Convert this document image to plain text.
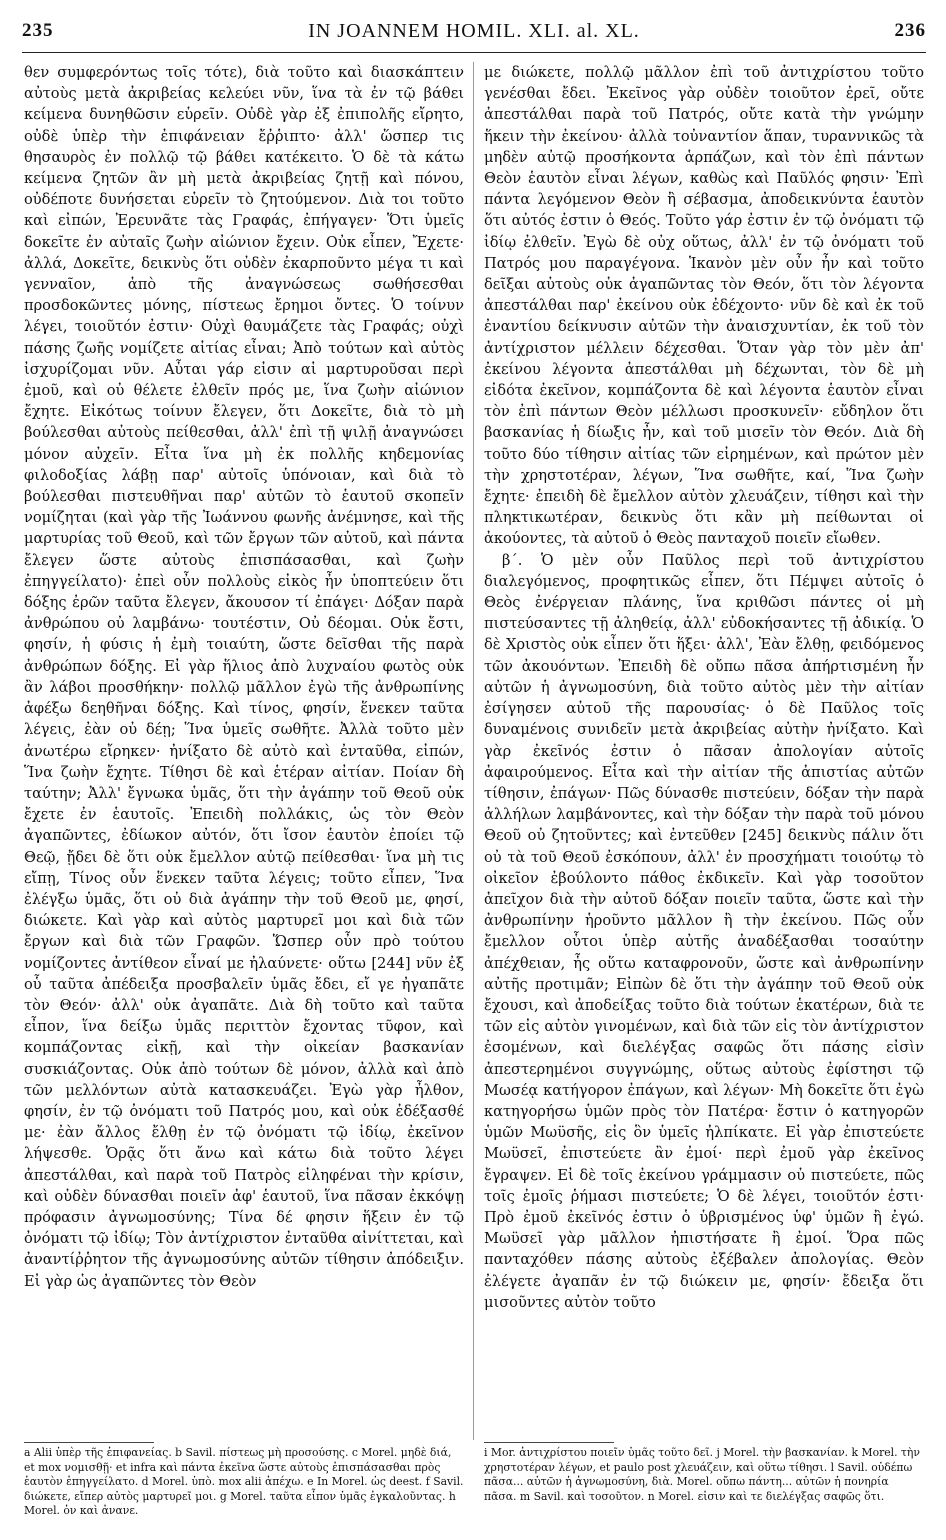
235	IN JOANNEM HOMIL. XLI. al. XL.	236

θεν συμφερόντως τοῖς τότε), διὰ τοῦτο καὶ διασκάπτειν αὐτοὺς μετὰ ἀκριβείας κελεύει νῦν, ἵνα τὰ ἐν τῷ βάθει κείμενα δυνηθῶσιν εὑρεῖν. Οὐδὲ γὰρ ἐξ ἐπιπολῆς εἴρητο, οὐδὲ ὑπὲρ τὴν ἐπιφάνειαν ἔῤῥιπτο· ἀλλ' ὥσπερ τις θησαυρὸς ἐν πολλῷ τῷ βάθει κατέκειτο. Ὁ δὲ τὰ κάτω κείμενα ζητῶν ἂν μὴ μετὰ ἀκριβείας ζητῇ καὶ πόνου, οὐδέποτε δυνήσεται εὑρεῖν τὸ ζητούμενον. Διὰ τοι τοῦτο καὶ εἰπών, Ἐρευνᾶτε τὰς Γραφάς, ἐπήγαγεν· Ὅτι ὑμεῖς δοκεῖτε ἐν αὐταῖς ζωὴν αἰώνιον ἔχειν. Οὐκ εἶπεν, Ἔχετε· ἀλλά, Δοκεῖτε, δεικνὺς ὅτι οὐδὲν ἐκαρποῦντο μέγα τι καὶ γενναῖον, ἀπὸ τῆς ἀναγνώσεως σωθήσεσθαι προσδοκῶντες μόνης, πίστεως ἔρημοι ὄντες. Ὁ τοίνυν λέγει, τοιοῦτόν ἐστιν· Οὐχὶ θαυμάζετε τὰς Γραφάς; οὐχὶ πάσης ζωῆς νομίζετε αἰτίας εἶναι; Ἀπὸ τούτων καὶ αὐτὸς ἰσχυρίζομαι νῦν. Αὗται γάρ εἰσιν αἱ μαρτυροῦσαι περὶ ἐμοῦ, καὶ οὐ θέλετε ἐλθεῖν πρός με, ἵνα ζωὴν αἰώνιον ἔχητε. Εἰκότως τοίνυν ἔλεγεν, ὅτι Δοκεῖτε, διὰ τὸ μὴ βούλεσθαι αὐτοὺς πείθεσθαι, ἀλλ' ἐπὶ τῇ ψιλῇ ἀναγνώσει μόνον αὐχεῖν. Εἶτα ἵνα μὴ ἐκ πολλῆς κηδεμονίας φιλοδοξίας λάβῃ παρ' αὐτοῖς ὑπόνοιαν, καὶ διὰ τὸ βούλεσθαι πιστευθῆναι παρ' αὐτῶν τὸ ἑαυτοῦ σκοπεῖν νομίζηται (καὶ γὰρ τῆς Ἰωάννου φωνῆς ἀνέμνησε, καὶ τῆς μαρτυρίας τοῦ Θεοῦ, καὶ τῶν ἔργων τῶν αὐτοῦ, καὶ πάντα ἔλεγεν ὥστε αὐτοὺς ἐπισπάσασθαι, καὶ ζωὴν ἐπηγγείλατο)· ἐπεὶ οὖν πολλοὺς εἰκὸς ἦν ὑποπτεύειν ὅτι δόξης ἐρῶν ταῦτα ἔλεγεν, ἄκουσον τί ἐπάγει· Δόξαν παρὰ ἀνθρώπου οὐ λαμβάνω· τουτέστιν, Οὐ δέομαι. Οὐκ ἔστι, φησίν, ἡ φύσις ἡ ἐμὴ τοιαύτη, ὥστε δεῖσθαι τῆς παρὰ ἀνθρώπων δόξης. Εἰ γὰρ ἥλιος ἀπὸ λυχναίου φωτὸς οὐκ ἂν λάβοι προσθήκην· πολλῷ μᾶλλον ἐγὼ τῆς ἀνθρωπίνης ἀφέξω δεηθῆναι δόξης. Καὶ τίνος, φησίν, ἕνεκεν ταῦτα λέγεις, ἐὰν οὐ δέῃ; Ἵνα ὑμεῖς σωθῆτε. Ἀλλὰ τοῦτο μὲν ἀνωτέρω εἴρηκεν· ἠνίξατο δὲ αὐτὸ καὶ ἐνταῦθα, εἰπών, Ἵνα ζωὴν ἔχητε. Τίθησι δὲ καὶ ἑτέραν αἰτίαν. Ποίαν δὴ ταύτην; Ἀλλ' ἔγνωκα ὑμᾶς, ὅτι τὴν ἀγάπην τοῦ Θεοῦ οὐκ ἔχετε ἐν ἑαυτοῖς. Ἐπειδὴ πολλάκις, ὡς τὸν Θεὸν ἀγαπῶντες, ἐδίωκον αὐτόν, ὅτι ἴσον ἑαυτὸν ἐποίει τῷ Θεῷ, ᾔδει δὲ ὅτι οὐκ ἔμελλον αὐτῷ πείθεσθαι· ἵνα μὴ τις εἴπῃ, Τίνος οὖν ἕνεκεν ταῦτα λέγεις; τοῦτο εἶπεν, Ἵνα ἐλέγξω ὑμᾶς, ὅτι οὐ διὰ ἀγάπην τὴν τοῦ Θεοῦ με, φησί, διώκετε. Καὶ γὰρ καὶ αὐτὸς μαρτυρεῖ μοι καὶ διὰ τῶν ἔργων καὶ διὰ τῶν Γραφῶν. Ὥσπερ οὖν πρὸ τούτου νομίζοντες ἀντίθεον εἶναί με ἠλαύνετε· οὕτω [244] νῦν ἐξ οὗ ταῦτα ἀπέδειξα προσβαλεῖν ὑμᾶς ἔδει, εἴ γε ἠγαπᾶτε τὸν Θεόν· ἀλλ' οὐκ ἀγαπᾶτε. Διὰ δὴ τοῦτο καὶ ταῦτα εἶπον, ἵνα δείξω ὑμᾶς περιττὸν ἔχοντας τῦφον, καὶ κομπάζοντας εἰκῇ, καὶ τὴν οἰκείαν βασκανίαν συσκιάζοντας. Οὐκ ἀπὸ τούτων δὲ μόνον, ἀλλὰ καὶ ἀπὸ τῶν μελλόντων αὐτὰ κατασκευάζει. Ἐγὼ γὰρ ἦλθον, φησίν, ἐν τῷ ὀνόματι τοῦ Πατρός μου, καὶ οὐκ ἐδέξασθέ με· ἐὰν ἄλλος ἔλθῃ ἐν τῷ ὀνόματι τῷ ἰδίῳ, ἐκεῖνον λήψεσθε. Ὁρᾷς ὅτι ἄνω καὶ κάτω διὰ τοῦτο λέγει ἀπεστάλθαι, καὶ παρὰ τοῦ Πατρὸς εἰληφέναι τὴν κρίσιν, καὶ οὐδὲν δύνασθαι ποιεῖν ἀφ' ἑαυτοῦ, ἵνα πᾶσαν ἐκκόψῃ πρόφασιν ἀγνωμοσύνης; Τίνα δέ φησιν ἥξειν ἐν τῷ ὀνόματι τῷ ἰδίῳ; Τὸν ἀντίχριστον ἐνταῦθα αἰνίττεται, καὶ ἀναντίῤῥητον τῆς ἀγνωμοσύνης αὐτῶν τίθησιν ἀπόδειξιν. Εἰ γὰρ ὡς ἀγαπῶντες τὸν Θεὸν

με διώκετε, πολλῷ μᾶλλον ἐπὶ τοῦ ἀντιχρίστου τοῦτο γενέσθαι ἔδει. Ἐκεῖνος γὰρ οὐδὲν τοιοῦτον ἐρεῖ, οὔτε ἀπεστάλθαι παρὰ τοῦ Πατρός, οὔτε κατὰ τὴν γνώμην ἥκειν τὴν ἐκείνου· ἀλλὰ τοὐναντίον ἅπαν, τυραννικῶς τὰ μηδὲν αὐτῷ προσήκοντα ἁρπάζων, καὶ τὸν ἐπὶ πάντων Θεὸν ἑαυτὸν εἶναι λέγων, καθὼς καὶ Παῦλός φησιν· Ἐπὶ πάντα λεγόμενον Θεὸν ἢ σέβασμα, ἀποδεικνύντα ἑαυτὸν ὅτι αὐτός ἐστιν ὁ Θεός. Τοῦτο γάρ ἐστιν ἐν τῷ ὀνόματι τῷ ἰδίῳ ἐλθεῖν. Ἐγὼ δὲ οὐχ οὕτως, ἀλλ' ἐν τῷ ὀνόματι τοῦ Πατρός μου παραγέγονα. Ἱκανὸν μὲν οὖν ἦν καὶ τοῦτο δεῖξαι αὐτοὺς οὐκ ἀγαπῶντας τὸν Θεόν, ὅτι τὸν λέγοντα ἀπεστάλθαι παρ' ἐκείνου οὐκ ἐδέχοντο· νῦν δὲ καὶ ἐκ τοῦ ἐναντίου δείκνυσιν αὐτῶν τὴν ἀναισχυντίαν, ἐκ τοῦ τὸν ἀντίχριστον μέλλειν δέχεσθαι. Ὅταν γὰρ τὸν μὲν ἀπ' ἐκείνου λέγοντα ἀπεστάλθαι μὴ δέχωνται, τὸν δὲ μὴ εἰδότα ἐκεῖνον, κομπάζοντα δὲ καὶ λέγοντα ἑαυτὸν εἶναι τὸν ἐπὶ πάντων Θεὸν μέλλωσι προσκυνεῖν· εὔδηλον ὅτι βασκανίας ἡ δίωξις ἦν, καὶ τοῦ μισεῖν τὸν Θεόν. Διὰ δὴ τοῦτο δύο τίθησιν αἰτίας τῶν εἰρημένων, καὶ πρώτον μὲν τὴν χρηστοτέραν, λέγων, Ἵνα σωθῆτε, καί, Ἵνα ζωὴν ἔχητε· ἐπειδὴ δὲ ἔμελλον αὐτὸν χλευάζειν, τίθησι καὶ τὴν πληκτικωτέραν, δεικνὺς ὅτι κἂν μὴ πείθωνται οἱ ἀκούοντες, τὰ αὐτοῦ ὁ Θεὸς πανταχοῦ ποιεῖν εἴωθεν.

β΄. Ὁ μὲν οὖν Παῦλος περὶ τοῦ ἀντιχρίστου διαλεγόμενος, προφητικῶς εἶπεν, ὅτι Πέμψει αὐτοῖς ὁ Θεὸς ἐνέργειαν πλάνης, ἵνα κριθῶσι πάντες οἱ μὴ πιστεύσαντες τῇ ἀληθείᾳ, ἀλλ' εὐδοκήσαντες τῇ ἀδικίᾳ. Ὁ δὲ Χριστὸς οὐκ εἶπεν ὅτι ἥξει· ἀλλ', Ἐὰν ἔλθῃ, φειδόμενος τῶν ἀκουόντων. Ἐπειδὴ δὲ οὔπω πᾶσα ἀπήρτισμένη ἦν αὐτῶν ἡ ἀγνωμοσύνη, διὰ τοῦτο αὐτὸς μὲν τὴν αἰτίαν ἐσίγησεν αὐτοῦ τῆς παρουσίας· ὁ δὲ Παῦλος τοῖς δυναμένοις συνιδεῖν μετὰ ἀκριβείας αὐτὴν ἠνίξατο. Καὶ γὰρ ἐκεῖνός ἐστιν ὁ πᾶσαν ἀπολογίαν αὐτοῖς ἀφαιρούμενος. Εἶτα καὶ τὴν αἰτίαν τῆς ἀπιστίας αὐτῶν τίθησιν, ἐπάγων· Πῶς δύνασθε πιστεύειν, δόξαν τὴν παρὰ ἀλλήλων λαμβάνοντες, καὶ τὴν δόξαν τὴν παρὰ τοῦ μόνου Θεοῦ οὐ ζητοῦντες; καὶ ἐντεῦθεν [245] δεικνὺς πάλιν ὅτι οὐ τὰ τοῦ Θεοῦ ἐσκόπουν, ἀλλ' ἐν προσχήματι τοιούτῳ τὸ οἰκεῖον ἐβούλοντο πάθος ἐκδικεῖν. Καὶ γὰρ τοσοῦτον ἀπεῖχον διὰ τὴν αὐτοῦ δόξαν ποιεῖν ταῦτα, ὥστε καὶ τὴν ἀνθρωπίνην ἡροῦντο μᾶλλον ἢ τὴν ἐκείνου. Πῶς οὖν ἔμελλον οὗτοι ὑπὲρ αὐτῆς ἀναδέξασθαι τοσαύτην ἀπέχθειαν, ἧς οὕτω καταφρονοῦν, ὥστε καὶ ἀνθρωπίνην αὐτῆς προτιμᾶν; Εἰπὼν δὲ ὅτι τὴν ἀγάπην τοῦ Θεοῦ οὐκ ἔχουσι, καὶ ἀποδείξας τοῦτο διὰ τούτων ἑκατέρων, διὰ τε τῶν εἰς αὐτὸν γινομένων, καὶ διὰ τῶν εἰς τὸν ἀντίχριστον ἐσομένων, καὶ διελέγξας σαφῶς ὅτι πάσης εἰσὶν ἀπεστερημένοι συγγνώμης, οὕτως αὐτοὺς ἐφίστησι τῷ Μωσέᾳ κατήγορον ἐπάγων, καὶ λέγων· Μὴ δοκεῖτε ὅτι ἐγὼ κατηγορήσω ὑμῶν πρὸς τὸν Πατέρα· ἔστιν ὁ κατηγορῶν ὑμῶν Μωϋσῆς, εἰς ὃν ὑμεῖς ἠλπίκατε. Εἰ γὰρ ἐπιστεύετε Μωϋσεῖ, ἐπιστεύετε ἂν ἐμοί· περὶ ἐμοῦ γὰρ ἐκεῖνος ἔγραψεν. Εἰ δὲ τοῖς ἐκείνου γράμμασιν οὐ πιστεύετε, πῶς τοῖς ἐμοῖς ῥήμασι πιστεύετε; Ὁ δὲ λέγει, τοιοῦτόν ἐστι· Πρὸ ἐμοῦ ἐκεῖνός ἐστιν ὁ ὑβρισμένος ὑφ' ὑμῶν ἢ ἐγώ. Μωϋσεῖ γὰρ μᾶλλον ἠπιστήσατε ἢ ἐμοί. Ὅρα πῶς πανταχόθεν πάσης αὐτοὺς ἐξέβαλεν ἀπολογίας. Θεὸν ἐλέγετε ἀγαπᾶν ἐν τῷ διώκειν με, φησίν· ἔδειξα ὅτι μισοῦντες αὐτὸν τοῦτο

a Alii ὑπὲρ τῆς ἐπιφανείας. b Savil. πίστεως μὴ προσούσης. c Morel. μηδὲ διά, et mox νομισθῇ· et infra καὶ πάντα ἐκεῖνα ὥστε αὐτοὺς ἐπισπάσασθαι πρὸς ἑαυτὸν ἐπηγγείλατο. d Morel. ὑπὸ. mox alii ἀπέχω. e In Morel. ὡς deest. f Savil. διώκετε, εἴπερ αὐτὸς μαρτυρεῖ μοι. g Morel. ταῦτα εἶπον ὑμᾶς ἐγκαλοῦντας. h Morel. ὁν καὶ ἀνανε.

i Mor. ἀντιχρίστου ποιεῖν ὑμᾶς τοῦτο δεῖ. j Morel. τὴν βασκανίαν. k Morel. τὴν χρηστοτέραν λέγων, et paulo post χλευάζειν, καὶ οὕτω τίθησι. l Savil. οὐδέπω πᾶσα... αὐτῶν ἡ ἀγνωμοσύνη, διὰ. Morel. οὔπω πάντη... αὐτῶν ἡ πονηρία πᾶσα. m Savil. καὶ τοσοῦτον. n Morel. εἰσιν καὶ τε διελέγξας σαφῶς ὅτι.
